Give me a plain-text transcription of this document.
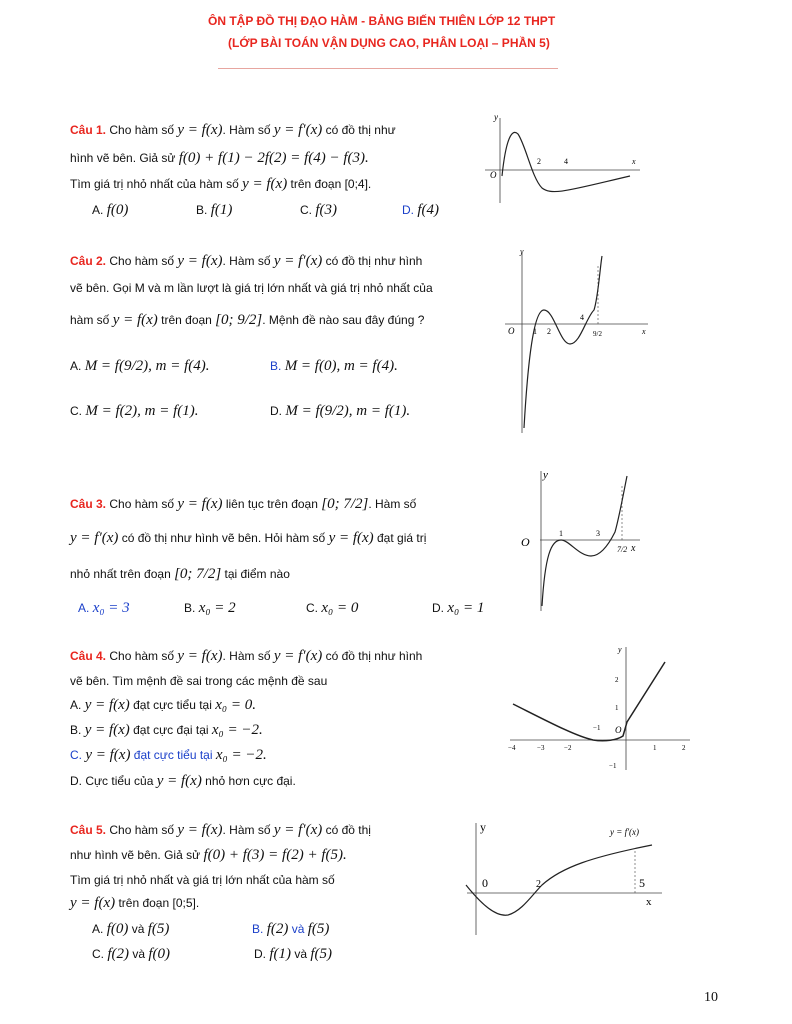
ÔN TẬP ĐỒ THỊ ĐẠO HÀM - BẢNG BIẾN THIÊN LỚP 12 THPT
(LỚP BÀI TOÁN VẬN DỤNG CAO, PHÂN LOẠI – PHẦN 5)
Câu 1. Cho hàm số y = f(x). Hàm số y = f′(x) có đồ thị như
hình vẽ bên. Giả sử f(0) + f(1) − 2f(2) = f(4) − f(3).
Tìm giá trị nhỏ nhất của hàm số y = f(x) trên đoạn [0;4].
A. f(0)	B. f(1)	C. f(3)	D. f(4)
y
O
2	4	x
Câu 2. Cho hàm số y = f(x). Hàm số y = f′(x) có đồ thị như hình
vẽ bên. Gọi M và m lần lượt là giá trị lớn nhất và giá trị nhỏ nhất của
hàm số y = f(x) trên đoạn [0; 9/2]. Mệnh đề nào sau đây đúng ?
A. M = f(9/2), m = f(4).	B. M = f(0), m = f(4).
C. M = f(2), m = f(1).	D. M = f(9/2), m = f(1).
y
O 1 2
4
9/2	x
Câu 3. Cho hàm số y = f(x) liên tục trên đoạn [0; 7/2]. Hàm số
y = f′(x) có đồ thị như hình vẽ bên. Hỏi hàm số y = f(x) đạt giá trị
nhỏ nhất trên đoạn [0; 7/2] tại điểm nào
A. x₀ = 3	B. x₀ = 2	C. x₀ = 0	D. x₀ = 1
y
O
1	3
7/2 x
Câu 4. Cho hàm số y = f(x). Hàm số y = f′(x) có đồ thị như hình
vẽ bên. Tìm mệnh đề sai trong các mệnh đề sau
A. y = f(x) đạt cực tiểu tại x₀ = 0.
B. y = f(x) đạt cực đại tại x₀ = −2.
C. y = f(x) đạt cực tiểu tại x₀ = −2.
D. Cực tiểu của y = f(x) nhỏ hơn cực đại.
y
O
−4	−3	−2
−1
1	2
2
1
−1
Câu 5. Cho hàm số y = f(x). Hàm số y = f′(x) có đồ thị
như hình vẽ bên. Giả sử f(0) + f(3) = f(2) + f(5).
Tìm giá trị nhỏ nhất và giá trị lớn nhất của hàm số
y = f(x) trên đoạn [0;5].
A. f(0) và f(5)	B. f(2) và f(5)
C. f(2) và f(0)	D. f(1) và f(5)
y
0	2	5
x
y = f′(x)
10
